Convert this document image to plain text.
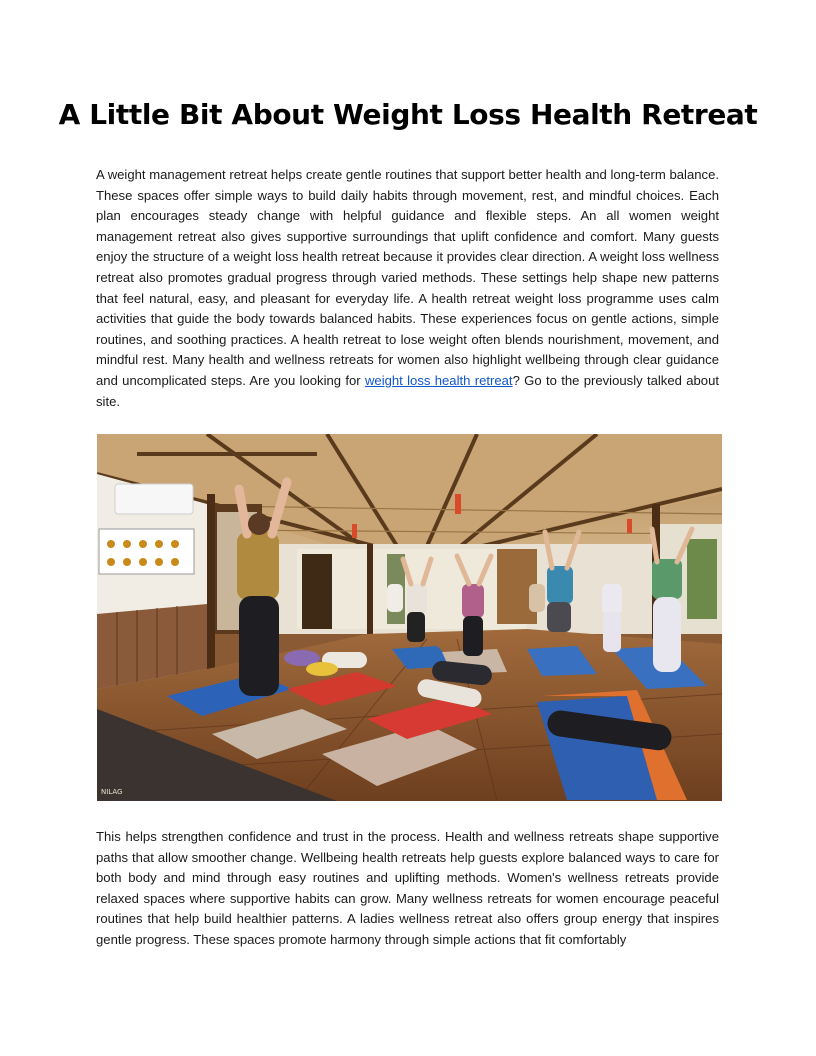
A Little Bit About Weight Loss Health Retreat

A weight management retreat helps create gentle routines that support better health and long-term balance. These spaces offer simple ways to build daily habits through movement, rest, and mindful choices. Each plan encourages steady change with helpful guidance and flexible steps. An all women weight management retreat also gives supportive surroundings that uplift confidence and comfort. Many guests enjoy the structure of a weight loss health retreat because it provides clear direction. A weight loss wellness retreat also promotes gradual progress through varied methods. These settings help shape new patterns that feel natural, easy, and pleasant for everyday life. A health retreat weight loss programme uses calm activities that guide the body towards balanced habits. These experiences focus on gentle actions, simple routines, and soothing practices. A health retreat to lose weight often blends nourishment, movement, and mindful rest. Many health and wellness retreats for women also highlight wellbeing through clear guidance and uncomplicated steps. Are you looking for weight loss health retreat? Go to the previously talked about site.

NILAG

This helps strengthen confidence and trust in the process. Health and wellness retreats shape supportive paths that allow smoother change. Wellbeing health retreats help guests explore balanced ways to care for both body and mind through easy routines and uplifting methods. Women's wellness retreats provide relaxed spaces where supportive habits can grow. Many wellness retreats for women encourage peaceful routines that help build healthier patterns. A ladies wellness retreat also offers group energy that inspires gentle progress. These spaces promote harmony through simple actions that fit comfortably
